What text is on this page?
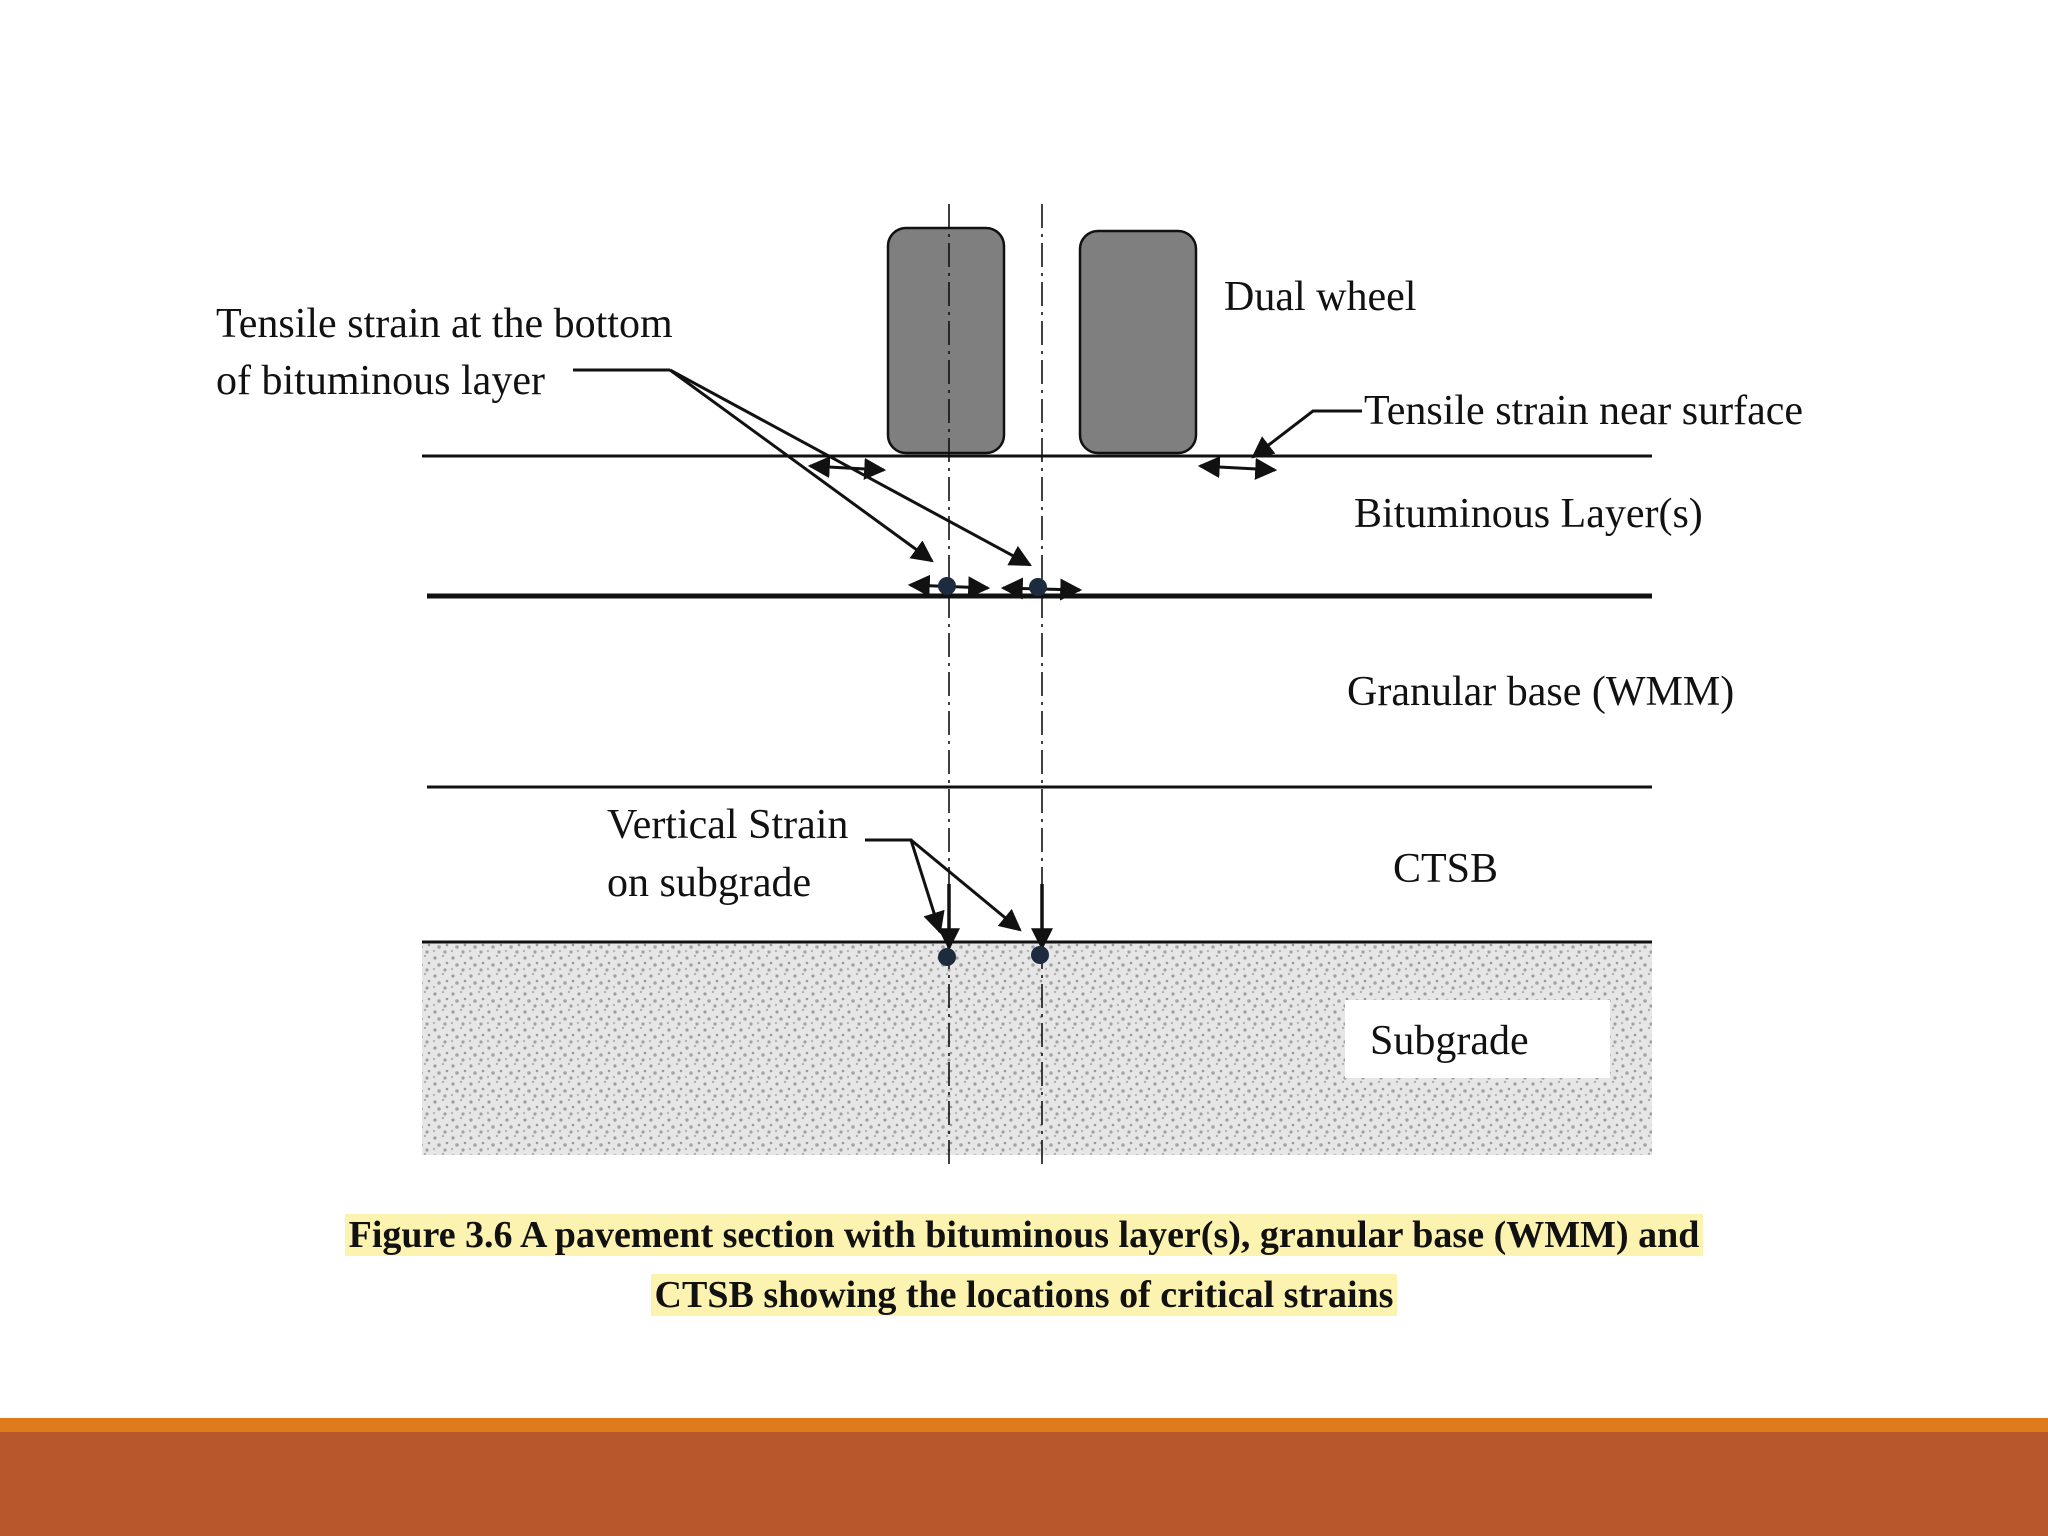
Dual wheel
Tensile strain at the bottom
of bituminous layer
Tensile strain near surface
Bituminous Layer(s)
Granular base (WMM)
CTSB
Vertical Strain
on subgrade
Subgrade
Figure 3.6 A pavement section with bituminous layer(s), granular base (WMM) and
CTSB showing the locations of critical strains
